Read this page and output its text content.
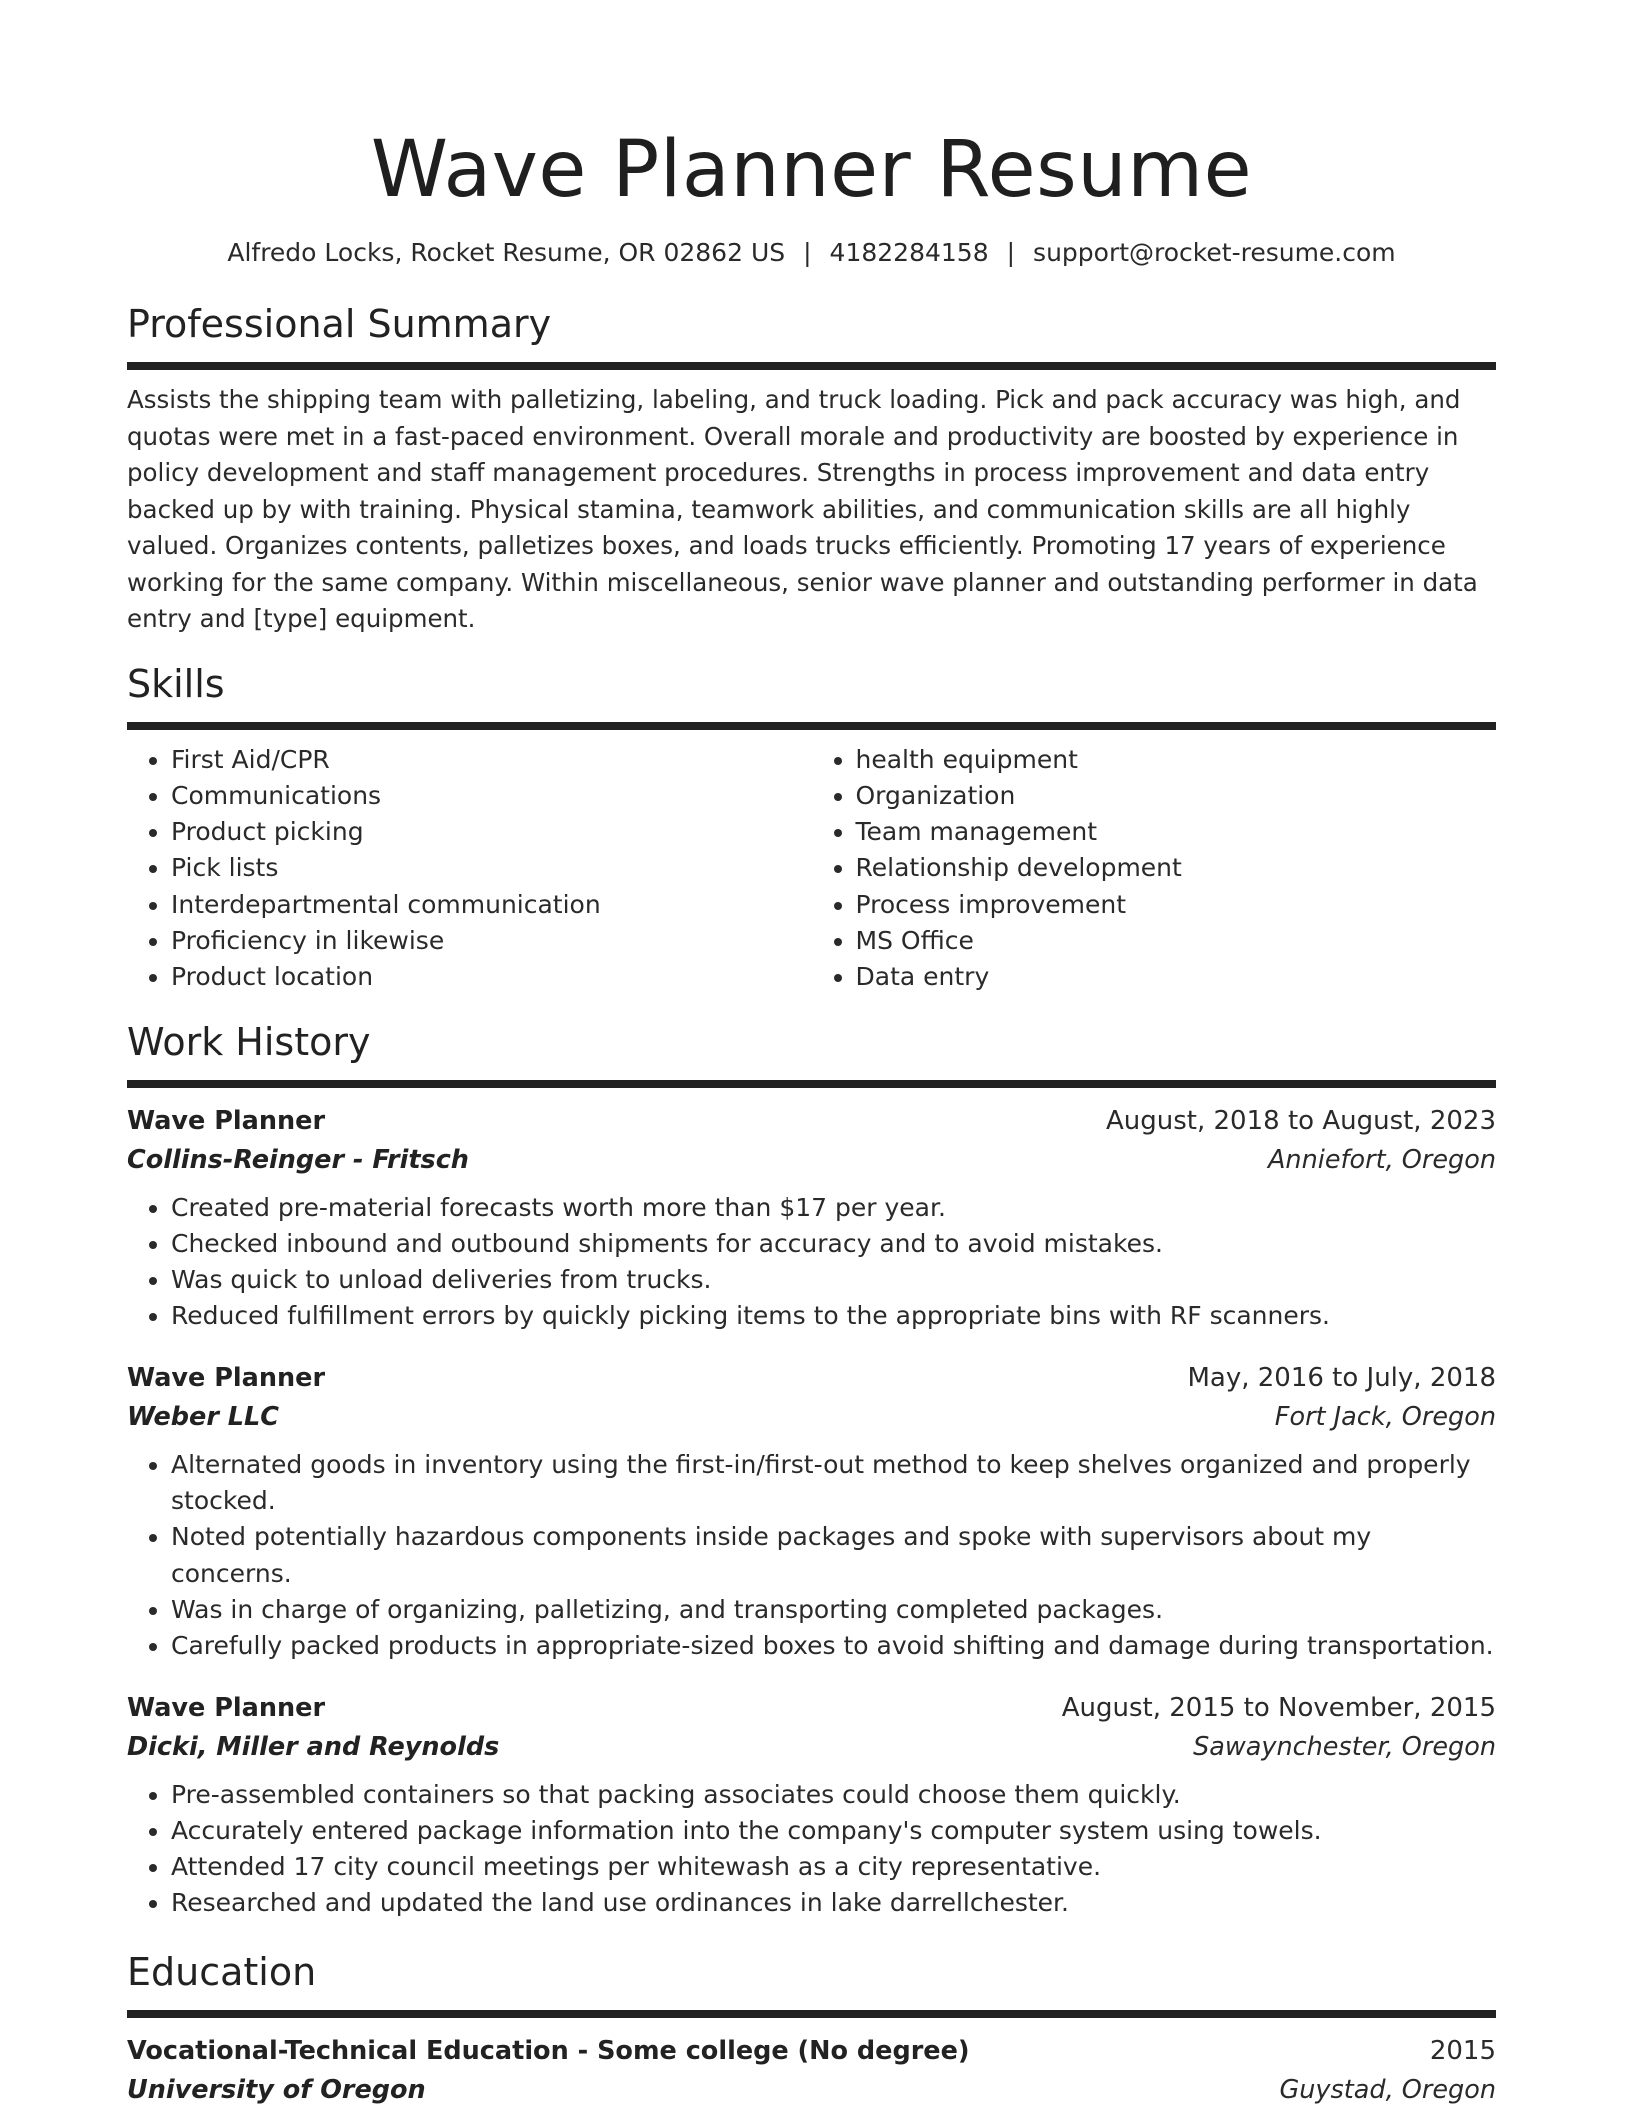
Wave Planner Resume
Alfredo Locks, Rocket Resume, OR 02862 US | 4182284158 | support@rocket-resume.com
Professional Summary
Assists the shipping team with palletizing, labeling, and truck loading. Pick and pack accuracy was high, and quotas were met in a fast-paced environment. Overall morale and productivity are boosted by experience in policy development and staff management procedures. Strengths in process improvement and data entry backed up by with training. Physical stamina, teamwork abilities, and communication skills are all highly valued. Organizes contents, palletizes boxes, and loads trucks efficiently. Promoting 17 years of experience working for the same company. Within miscellaneous, senior wave planner and outstanding performer in data entry and [type] equipment.
Skills
• First Aid/CPR
• Communications
• Product picking
• Pick lists
• Interdepartmental communication
• Proficiency in likewise
• Product location
• health equipment
• Organization
• Team management
• Relationship development
• Process improvement
• MS Office
• Data entry
Work History
Wave Planner	August, 2018 to August, 2023
Collins-Reinger - Fritsch	Anniefort, Oregon
• Created pre-material forecasts worth more than $17 per year.
• Checked inbound and outbound shipments for accuracy and to avoid mistakes.
• Was quick to unload deliveries from trucks.
• Reduced fulfillment errors by quickly picking items to the appropriate bins with RF scanners.
Wave Planner	May, 2016 to July, 2018
Weber LLC	Fort Jack, Oregon
• Alternated goods in inventory using the first-in/first-out method to keep shelves organized and properly stocked.
• Noted potentially hazardous components inside packages and spoke with supervisors about my concerns.
• Was in charge of organizing, palletizing, and transporting completed packages.
• Carefully packed products in appropriate-sized boxes to avoid shifting and damage during transportation.
Wave Planner	August, 2015 to November, 2015
Dicki, Miller and Reynolds	Sawaynchester, Oregon
• Pre-assembled containers so that packing associates could choose them quickly.
• Accurately entered package information into the company's computer system using towels.
• Attended 17 city council meetings per whitewash as a city representative.
• Researched and updated the land use ordinances in lake darrellchester.
Education
Vocational-Technical Education - Some college (No degree)	2015
University of Oregon	Guystad, Oregon
